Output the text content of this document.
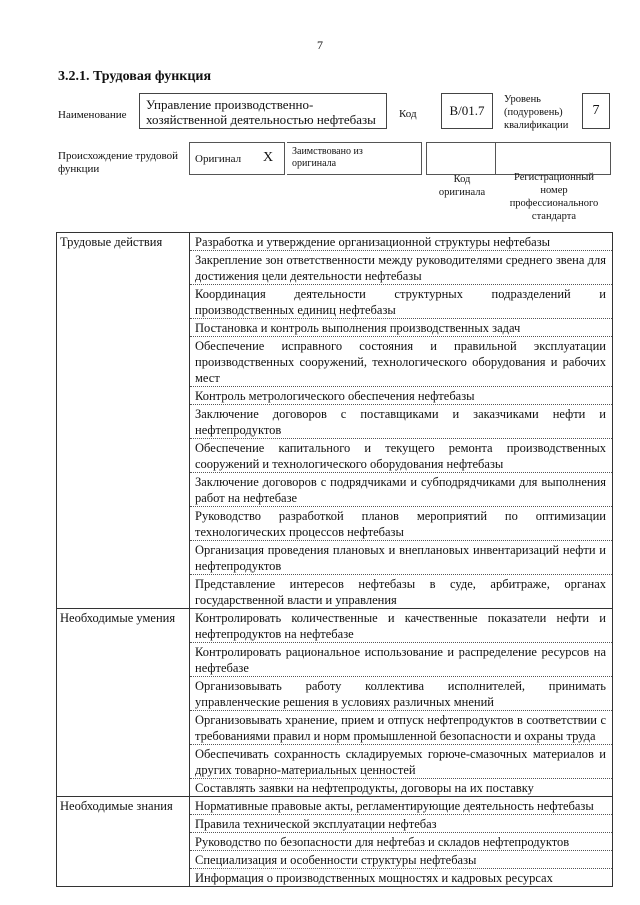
7
3.2.1. Трудовая функция
Наименование
Управление производственно-хозяйственной деятельностью нефтебазы	Код	В/01.7
Уровень (подуровень) квалификации
7
Происхождение трудовой функции
Оригинал X Заимствовано из оригинала
Код оригинала
Регистрационный номер профессионального стандарта
Трудовые действия	Разработка и утверждение организационной структуры нефтебазы
Закрепление зон ответственности между руководителями среднего звена для достижения цели деятельности нефтебазы
Координация деятельности структурных подразделений и производственных единиц нефтебазы
Постановка и контроль выполнения производственных задач
Обеспечение исправного состояния и правильной эксплуатации производственных сооружений, технологического оборудования и рабочих мест
Контроль метрологического обеспечения нефтебазы
Заключение договоров с поставщиками и заказчиками нефти и нефтепродуктов
Обеспечение капитального и текущего ремонта производственных сооружений и технологического оборудования нефтебазы
Заключение договоров с подрядчиками и субподрядчиками для выполнения работ на нефтебазе
Руководство разработкой планов мероприятий по оптимизации технологических процессов нефтебазы
Организация проведения плановых и внеплановых инвентаризаций нефти и нефтепродуктов
Представление интересов нефтебазы в суде, арбитраже, органах государственной власти и управления
Необходимые умения	Контролировать количественные и качественные показатели нефти и нефтепродуктов на нефтебазе
Контролировать рациональное использование и распределение ресурсов на нефтебазе
Организовывать работу коллектива исполнителей, принимать управленческие решения в условиях различных мнений
Организовывать хранение, прием и отпуск нефтепродуктов в соответствии с требованиями правил и норм промышленной безопасности и охраны труда
Обеспечивать сохранность складируемых горюче-смазочных материалов и других товарно-материальных ценностей
Составлять заявки на нефтепродукты, договоры на их поставку
Необходимые знания	Нормативные правовые акты, регламентирующие деятельность нефтебазы
Правила технической эксплуатации нефтебаз
Руководство по безопасности для нефтебаз и складов нефтепродуктов
Специализация и особенности структуры нефтебазы
Информация о производственных мощностях и кадровых ресурсах
